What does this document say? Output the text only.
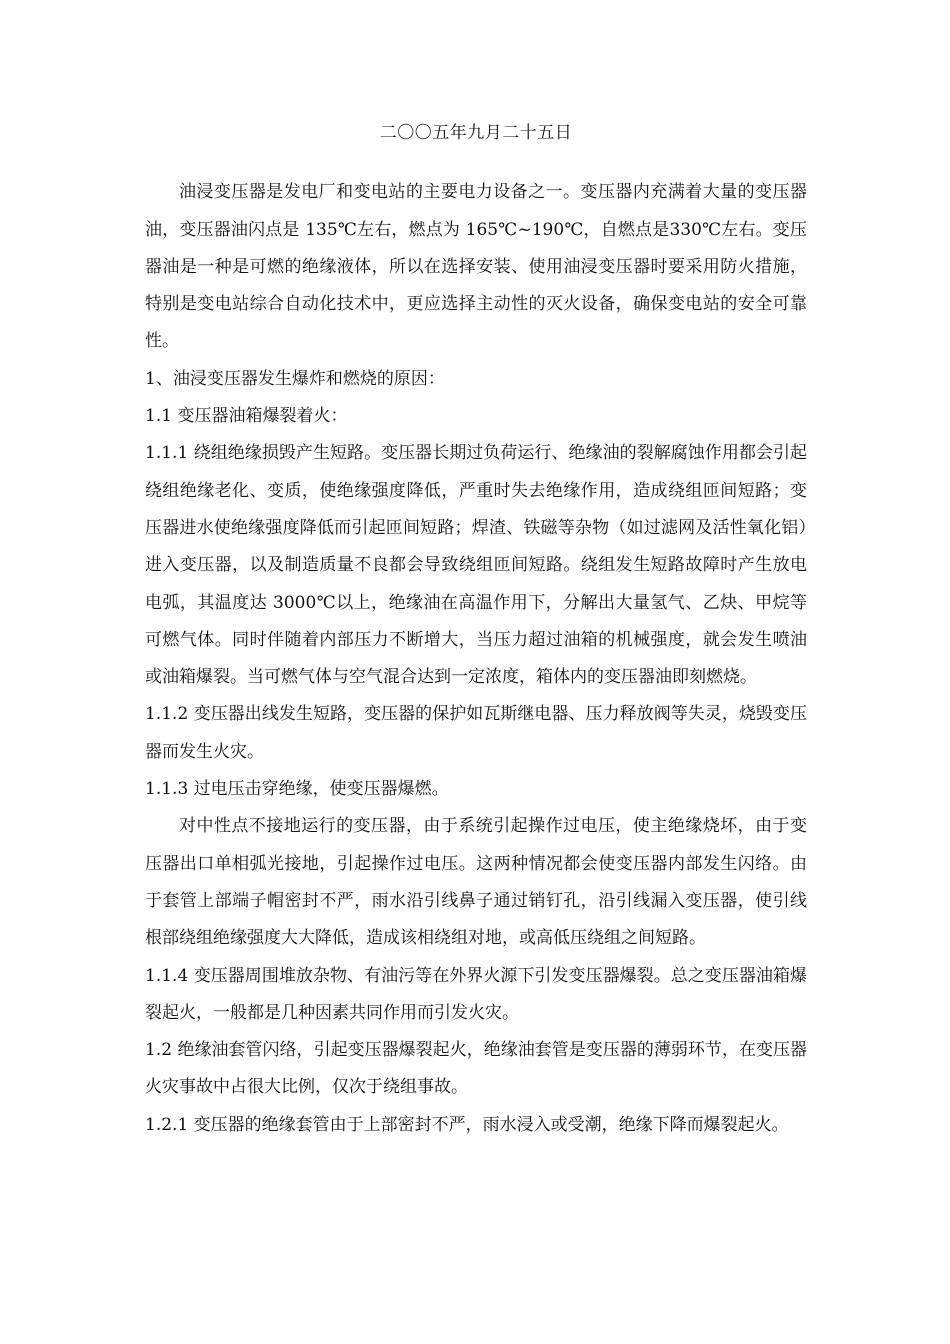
二〇〇五年九月二十五日

油浸变压器是发电厂和变电站的主要电力设备之一。变压器内充满着大量的变压器油，变压器油闪点是 135℃左右，燃点为 165℃~190℃，自燃点是330℃左右。变压器油是一种是可燃的绝缘液体，所以在选择安装、使用油浸变压器时要采用防火措施，特别是变电站综合自动化技术中，更应选择主动性的灭火设备，确保变电站的安全可靠性。

1、油浸变压器发生爆炸和燃烧的原因：

1.1 变压器油箱爆裂着火：

1.1.1 绕组绝缘损毁产生短路。变压器长期过负荷运行、绝缘油的裂解腐蚀作用都会引起绕组绝缘老化、变质，使绝缘强度降低，严重时失去绝缘作用，造成绕组匝间短路；变压器进水使绝缘强度降低而引起匝间短路；焊渣、铁磁等杂物（如过滤网及活性氧化铝）进入变压器，以及制造质量不良都会导致绕组匝间短路。绕组发生短路故障时产生放电电弧，其温度达 3000℃以上，绝缘油在高温作用下，分解出大量氢气、乙炔、甲烷等可燃气体。同时伴随着内部压力不断增大，当压力超过油箱的机械强度，就会发生喷油或油箱爆裂。当可燃气体与空气混合达到一定浓度，箱体内的变压器油即刻燃烧。

1.1.2 变压器出线发生短路，变压器的保护如瓦斯继电器、压力释放阀等失灵，烧毁变压器而发生火灾。

1.1.3 过电压击穿绝缘，使变压器爆燃。

对中性点不接地运行的变压器，由于系统引起操作过电压，使主绝缘烧坏，由于变压器出口单相弧光接地，引起操作过电压。这两种情况都会使变压器内部发生闪络。由于套管上部端子帽密封不严，雨水沿引线鼻子通过销钉孔，沿引线漏入变压器，使引线根部绕组绝缘强度大大降低，造成该相绕组对地，或高低压绕组之间短路。

1.1.4 变压器周围堆放杂物、有油污等在外界火源下引发变压器爆裂。总之变压器油箱爆裂起火，一般都是几种因素共同作用而引发火灾。

1.2 绝缘油套管闪络，引起变压器爆裂起火，绝缘油套管是变压器的薄弱环节，在变压器火灾事故中占很大比例，仅次于绕组事故。

1.2.1 变压器的绝缘套管由于上部密封不严，雨水浸入或受潮，绝缘下降而爆裂起火。
